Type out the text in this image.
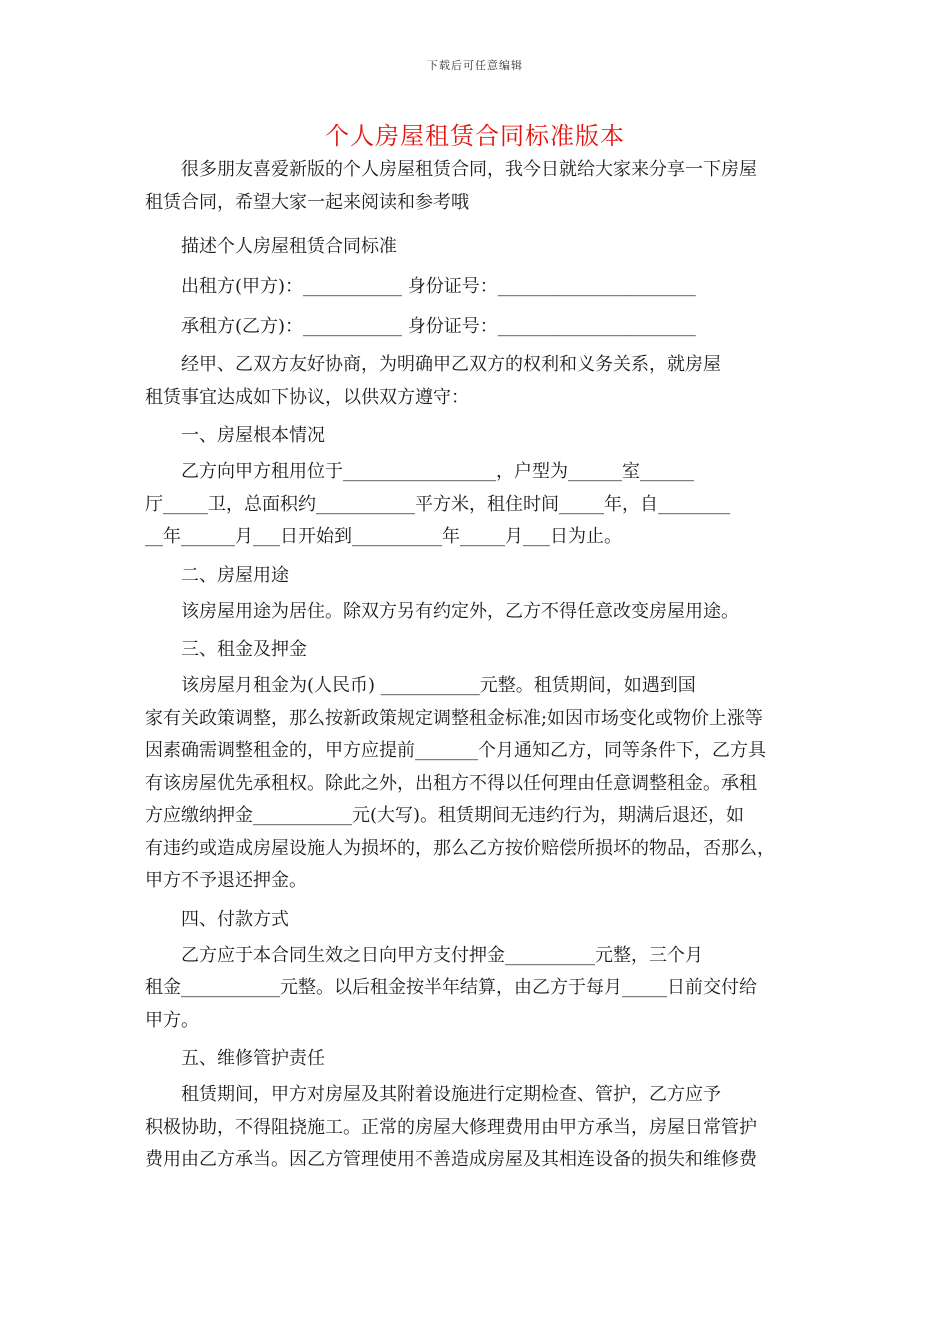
下载后可任意编辑
个人房屋租赁合同标准版本

很多朋友喜爱新版的个人房屋租赁合同，我今日就给大家来分享一下房屋
租赁合同，希望大家一起来阅读和参考哦

描述个人房屋租赁合同标准

出租方(甲方)：___________ 身份证号：______________________

承租方(乙方)：___________ 身份证号：______________________

经甲、乙双方友好协商，为明确甲乙双方的权利和义务关系，就房屋
租赁事宜达成如下协议，以供双方遵守：

一、房屋根本情况

乙方向甲方租用位于_________________，户型为______室______
厅_____卫，总面积约___________平方米，租住时间_____年，自________
__年______月___日开始到__________年_____月___日为止。

二、房屋用途

该房屋用途为居住。除双方另有约定外，乙方不得任意改变房屋用途。

三、租金及押金

该房屋月租金为(人民币) ___________元整。租赁期间，如遇到国
家有关政策调整，那么按新政策规定调整租金标准;如因市场变化或物价上涨等
因素确需调整租金的，甲方应提前_______个月通知乙方，同等条件下，乙方具
有该房屋优先承租权。除此之外，出租方不得以任何理由任意调整租金。承租
方应缴纳押金___________元(大写)。租赁期间无违约行为，期满后退还，如
有违约或造成房屋设施人为损坏的，那么乙方按价赔偿所损坏的物品，否那么，
甲方不予退还押金。

四、付款方式

乙方应于本合同生效之日向甲方支付押金__________元整，三个月
租金___________元整。以后租金按半年结算，由乙方于每月_____日前交付给
甲方。

五、维修管护责任

租赁期间，甲方对房屋及其附着设施进行定期检查、管护，乙方应予
积极协助，不得阻挠施工。正常的房屋大修理费用由甲方承当，房屋日常管护
费用由乙方承当。因乙方管理使用不善造成房屋及其相连设备的损失和维修费
